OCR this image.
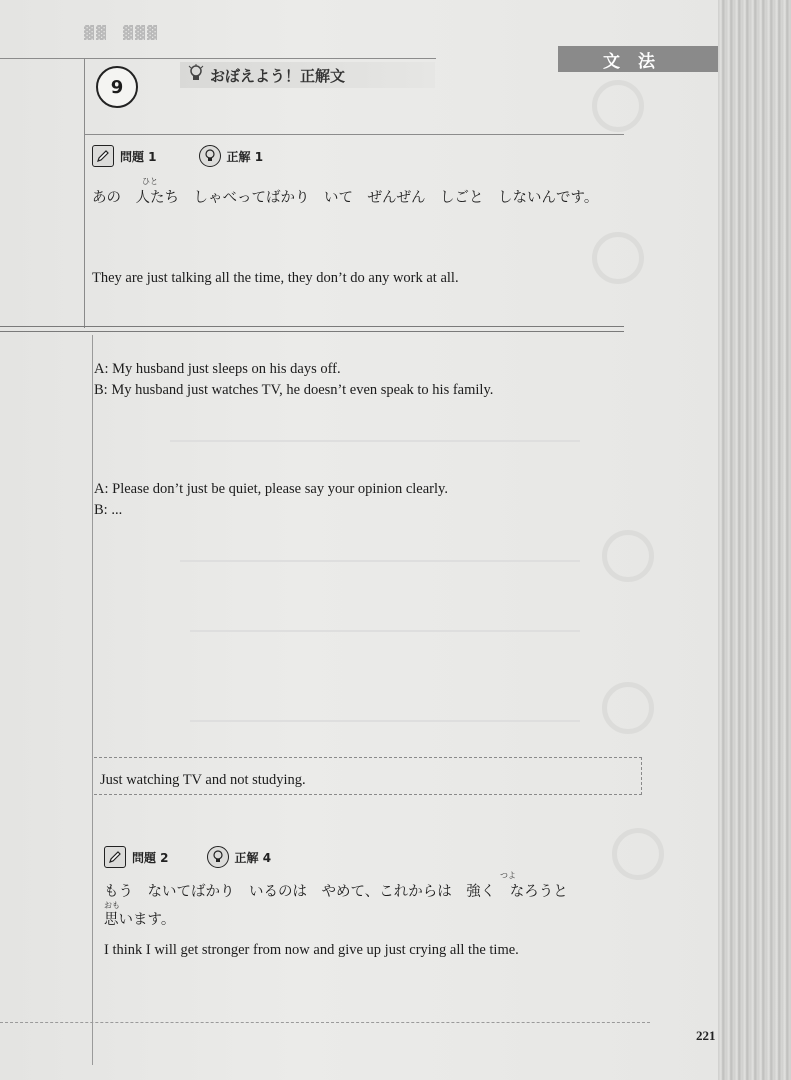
▓▓　▓▓▓
9
おぼえよう！正解文
文法
問題 1	正解 1
ひと
あの　人たち　しゃべってばかり　いて　ぜんぜん　しごと　しないんです。
They are just talking all the time, they don’t do any work at all.
A: My husband just sleeps on his days off.
B: My husband just watches TV, he doesn’t even speak to his family.
A: Please don’t just be quiet, please say your opinion clearly.
B: ...
Just watching TV and not studying.
問題 2	正解 4
つよ
もう　ないてばかり　いるのは　やめて、これからは　強く　なろうと
おも
思います。
I think I will get stronger from now and give up just crying all the time.
221
